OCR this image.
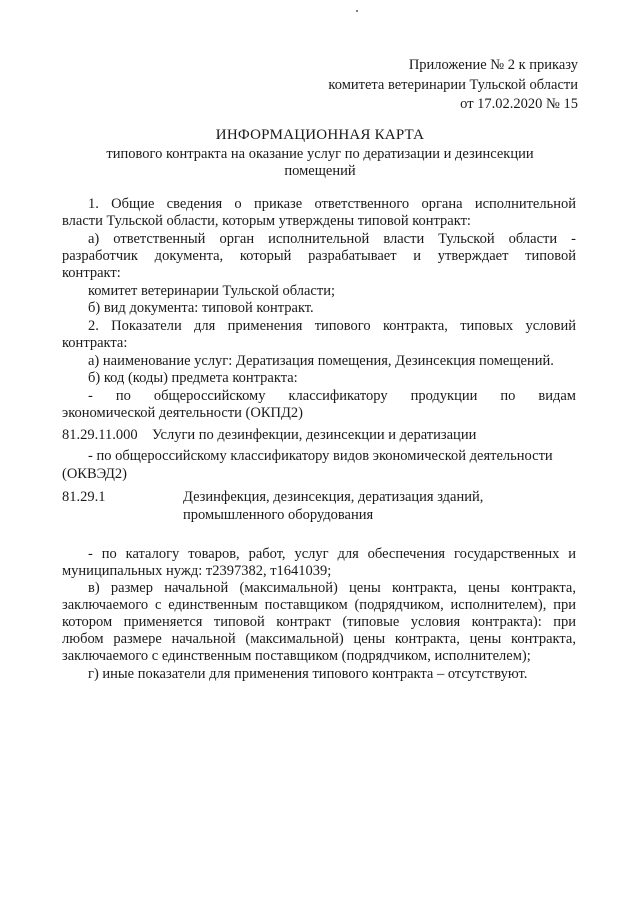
Приложение № 2 к приказу
комитета ветеринарии Тульской области
от 17.02.2020 № 15
ИНФОРМАЦИОННАЯ КАРТА
типового контракта на оказание услуг по дератизации и дезинсекции
помещений
1. Общие сведения о приказе ответственного органа исполнительной
власти Тульской области, которым утверждены типовой контракт:
а) ответственный орган исполнительной власти Тульской области -
разработчик документа, который разрабатывает и утверждает типовой
контракт:
комитет ветеринарии Тульской области;
б) вид документа: типовой контракт.
2. Показатели для применения типового контракта, типовых условий
контракта:
а) наименование услуг: Дератизация помещения, Дезинсекция помещений.
б) код (коды) предмета контракта:
- по общероссийскому классификатору продукции по видам
экономической деятельности (ОКПД2)
81.29.11.000 Услуги по дезинфекции, дезинсекции и дератизации
- по общероссийскому классификатору видов экономической деятельности
(ОКВЭД2)
81.29.1	Дезинфекция, дезинсекция, дератизация зданий,
промышленного оборудования
- по каталогу товаров, работ, услуг для обеспечения государственных и
муниципальных нужд: т2397382, т1641039;
в) размер начальной (максимальной) цены контракта, цены контракта,
заключаемого с единственным поставщиком (подрядчиком, исполнителем), при
котором применяется типовой контракт (типовые условия контракта): при
любом размере начальной (максимальной) цены контракта, цены контракта,
заключаемого с единственным поставщиком (подрядчиком, исполнителем);
г) иные показатели для применения типового контракта – отсутствуют.
